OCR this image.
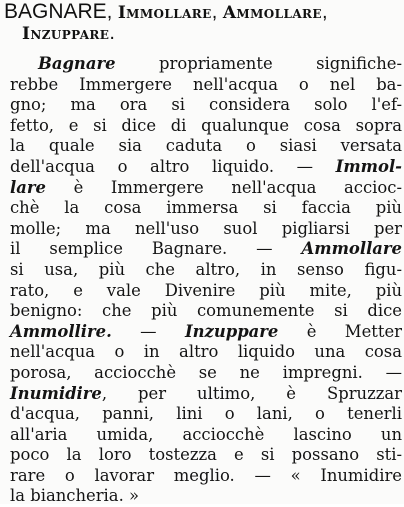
BAGNARE, Immollare, Ammollare,
Inzuppare.
Bagnare propriamente significhe-
rebbe Immergere nell'acqua o nel ba-
gno; ma ora si considera solo l'ef-
fetto, e si dice di qualunque cosa sopra
la quale sia caduta o siasi versata
dell'acqua o altro liquido. — Immol-
lare è Immergere nell'acqua accioc-
chè la cosa immersa si faccia più
molle; ma nell'uso suol pigliarsi per
il semplice Bagnare. — Ammollare
si usa, più che altro, in senso figu-
rato, e vale Divenire più mite, più
benigno: che più comunemente si dice
Ammollire. — Inzuppare è Metter
nell'acqua o in altro liquido una cosa
porosa, acciocchè se ne impregni. —
Inumidire, per ultimo, è Spruzzar
d'acqua, panni, lini o lani, o tenerli
all'aria umida, acciocchè lascino un
poco la loro tostezza e si possano sti-
rare o lavorar meglio. — « Inumidire
la biancheria. »
